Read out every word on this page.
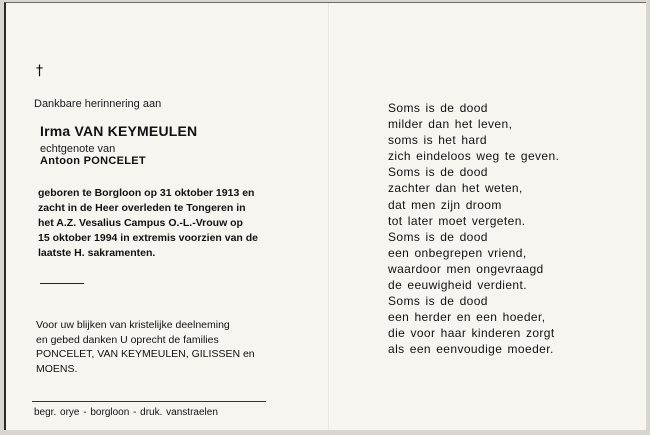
†
Dankbare herinnering aan
Irma VAN KEYMEULEN
echtgenote van
Antoon PONCELET

geboren te Borgloon op 31 oktober 1913 en

zacht in de Heer overleden te Tongeren in

het A.Z. Vesalius Campus O.-L.-Vrouw op

15 oktober 1994 in extremis voorzien van de

laatste H. sakramenten.

Voor uw blijken van kristelijke deelneming

en gebed danken U oprecht de families

PONCELET, VAN KEYMEULEN, GILISSEN en

MOENS.

begr. orye - borgloon - druk. vanstraelen
Soms is de dood
milder dan het leven,
soms is het hard
zich eindeloos weg te geven.
Soms is de dood
zachter dan het weten,
dat men zijn droom
tot later moet vergeten.
Soms is de dood
een onbegrepen vriend,
waardoor men ongevraagd
de eeuwigheid verdient.
Soms is de dood
een herder en een hoeder,
die voor haar kinderen zorgt
als een eenvoudige moeder.
